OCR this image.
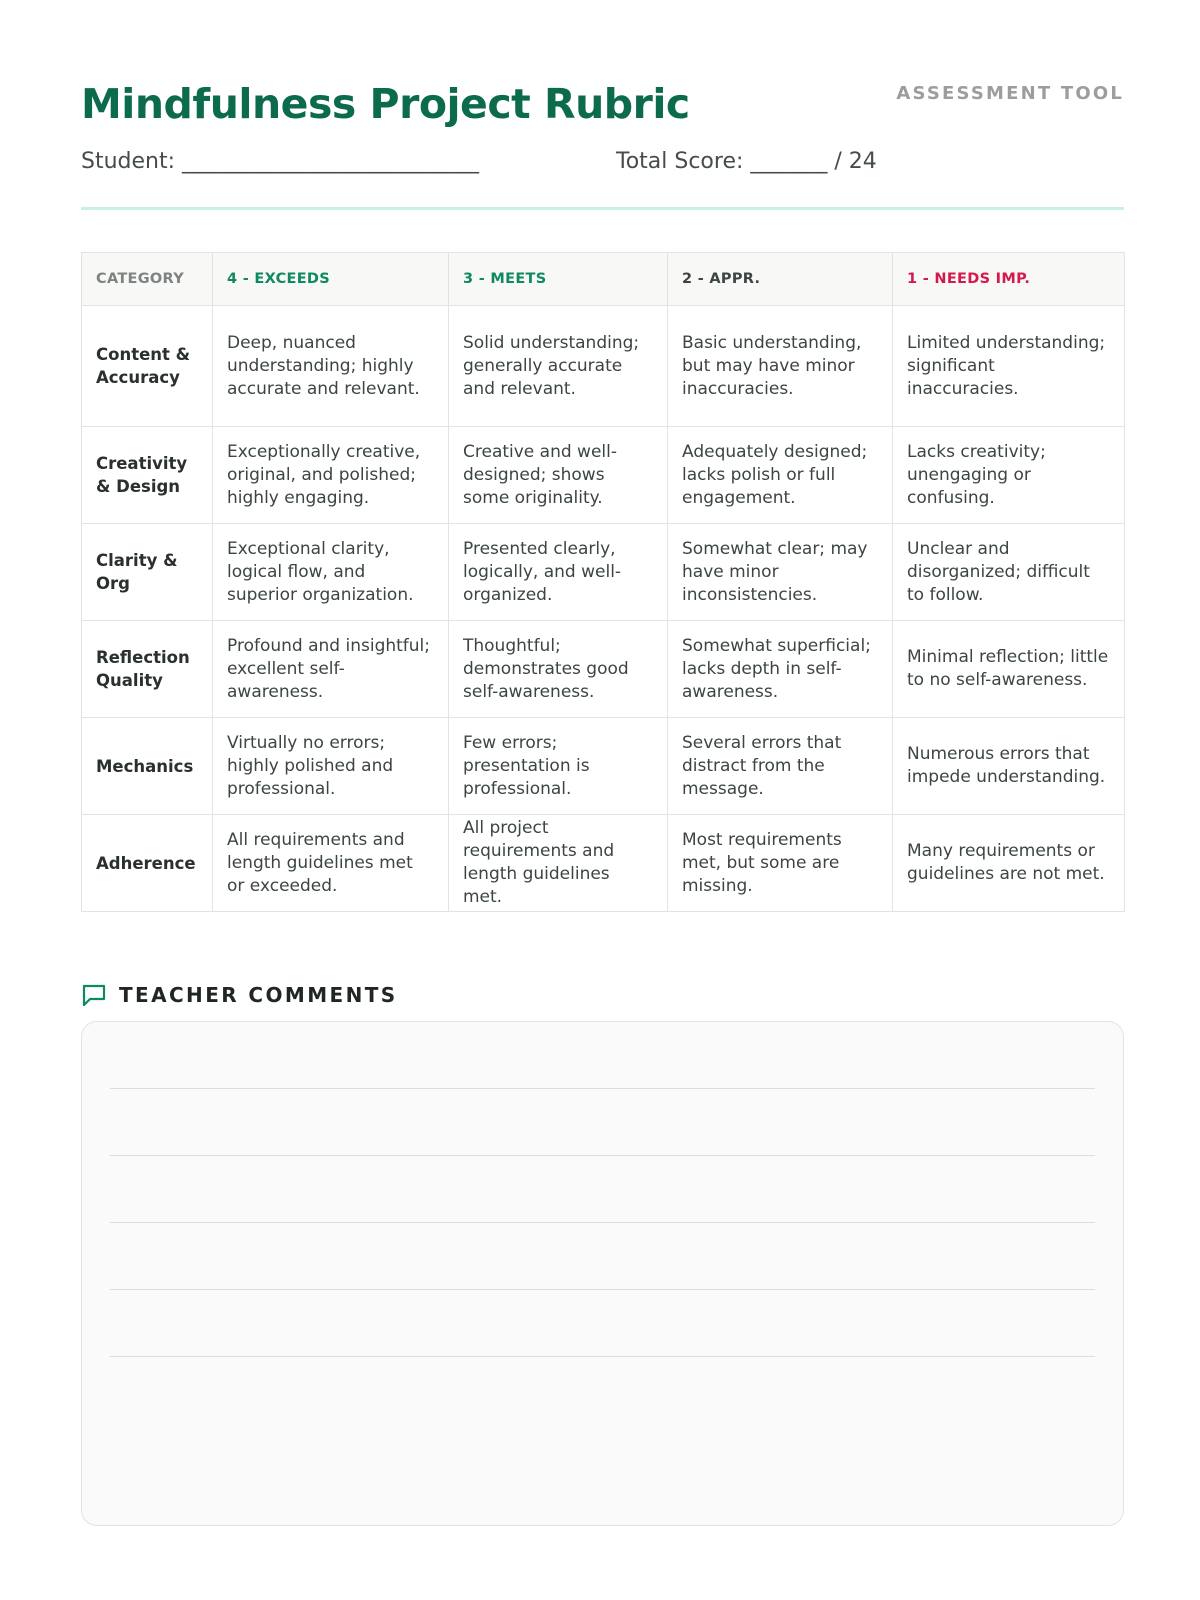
Mindfulness Project Rubric	ASSESSMENT TOOL
Student: ___________________________	Total Score: _______ / 24
CATEGORY	4 - EXCEEDS	3 - MEETS	2 - APPR.	1 - NEEDS IMP.
Content & Accuracy	Deep, nuanced understanding; highly accurate and relevant.	Solid understanding; generally accurate and relevant.	Basic understanding, but may have minor inaccuracies.	Limited understanding; significant inaccuracies.
Creativity & Design	Exceptionally creative, original, and polished; highly engaging.	Creative and well-designed; shows some originality.	Adequately designed; lacks polish or full engagement.	Lacks creativity; unengaging or confusing.
Clarity & Org	Exceptional clarity, logical flow, and superior organization.	Presented clearly, logically, and well-organized.	Somewhat clear; may have minor inconsistencies.	Unclear and disorganized; difficult to follow.
Reflection Quality	Profound and insightful; excellent self-awareness.	Thoughtful; demonstrates good self-awareness.	Somewhat superficial; lacks depth in self-awareness.	Minimal reflection; little to no self-awareness.
Mechanics	Virtually no errors; highly polished and professional.	Few errors; presentation is professional.	Several errors that distract from the message.	Numerous errors that impede understanding.
Adherence	All requirements and length guidelines met or exceeded.	All project requirements and length guidelines met.	Most requirements met, but some are missing.	Many requirements or guidelines are not met.
TEACHER COMMENTS
